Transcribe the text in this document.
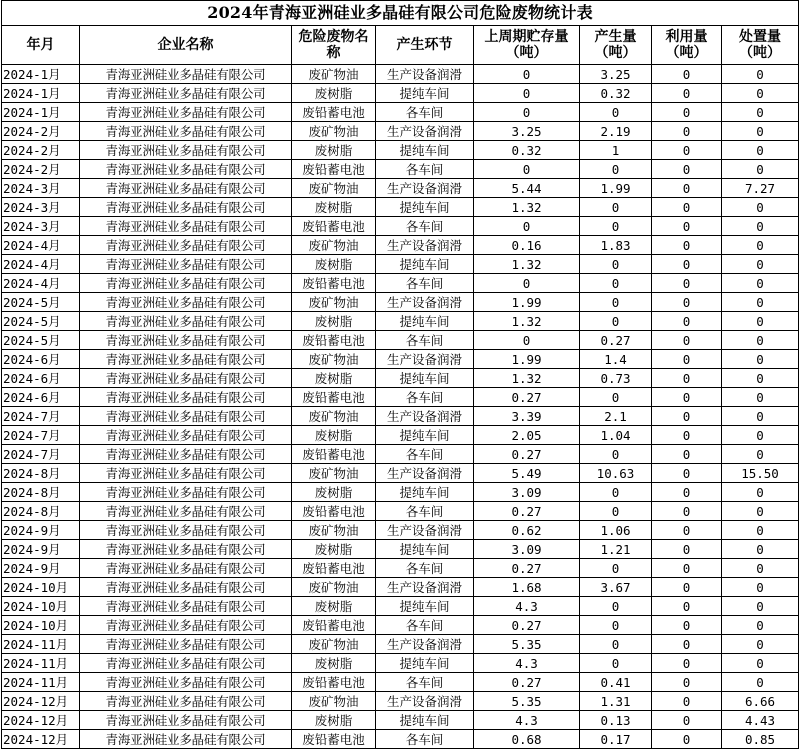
2024年青海亚洲硅业多晶硅有限公司危险废物统计表							
年月	企业名称	危险废物名称	产生环节	上周期贮存量（吨）	产生量（吨）	利用量（吨）	处置量（吨）
2024-1月	青海亚洲硅业多晶硅有限公司	废矿物油	生产设备润滑	0	3.25	0	0
2024-1月	青海亚洲硅业多晶硅有限公司	废树脂	提纯车间	0	0.32	0	0
2024-1月	青海亚洲硅业多晶硅有限公司	废铅蓄电池	各车间	0	0	0	0
2024-2月	青海亚洲硅业多晶硅有限公司	废矿物油	生产设备润滑	3.25	2.19	0	0
2024-2月	青海亚洲硅业多晶硅有限公司	废树脂	提纯车间	0.32	1	0	0
2024-2月	青海亚洲硅业多晶硅有限公司	废铅蓄电池	各车间	0	0	0	0
2024-3月	青海亚洲硅业多晶硅有限公司	废矿物油	生产设备润滑	5.44	1.99	0	7.27
2024-3月	青海亚洲硅业多晶硅有限公司	废树脂	提纯车间	1.32	0	0	0
2024-3月	青海亚洲硅业多晶硅有限公司	废铅蓄电池	各车间	0	0	0	0
2024-4月	青海亚洲硅业多晶硅有限公司	废矿物油	生产设备润滑	0.16	1.83	0	0
2024-4月	青海亚洲硅业多晶硅有限公司	废树脂	提纯车间	1.32	0	0	0
2024-4月	青海亚洲硅业多晶硅有限公司	废铅蓄电池	各车间	0	0	0	0
2024-5月	青海亚洲硅业多晶硅有限公司	废矿物油	生产设备润滑	1.99	0	0	0
2024-5月	青海亚洲硅业多晶硅有限公司	废树脂	提纯车间	1.32	0	0	0
2024-5月	青海亚洲硅业多晶硅有限公司	废铅蓄电池	各车间	0	0.27	0	0
2024-6月	青海亚洲硅业多晶硅有限公司	废矿物油	生产设备润滑	1.99	1.4	0	0
2024-6月	青海亚洲硅业多晶硅有限公司	废树脂	提纯车间	1.32	0.73	0	0
2024-6月	青海亚洲硅业多晶硅有限公司	废铅蓄电池	各车间	0.27	0	0	0
2024-7月	青海亚洲硅业多晶硅有限公司	废矿物油	生产设备润滑	3.39	2.1	0	0
2024-7月	青海亚洲硅业多晶硅有限公司	废树脂	提纯车间	2.05	1.04	0	0
2024-7月	青海亚洲硅业多晶硅有限公司	废铅蓄电池	各车间	0.27	0	0	0
2024-8月	青海亚洲硅业多晶硅有限公司	废矿物油	生产设备润滑	5.49	10.63	0	15.50
2024-8月	青海亚洲硅业多晶硅有限公司	废树脂	提纯车间	3.09	0	0	0
2024-8月	青海亚洲硅业多晶硅有限公司	废铅蓄电池	各车间	0.27	0	0	0
2024-9月	青海亚洲硅业多晶硅有限公司	废矿物油	生产设备润滑	0.62	1.06	0	0
2024-9月	青海亚洲硅业多晶硅有限公司	废树脂	提纯车间	3.09	1.21	0	0
2024-9月	青海亚洲硅业多晶硅有限公司	废铅蓄电池	各车间	0.27	0	0	0
2024-10月	青海亚洲硅业多晶硅有限公司	废矿物油	生产设备润滑	1.68	3.67	0	0
2024-10月	青海亚洲硅业多晶硅有限公司	废树脂	提纯车间	4.3	0	0	0
2024-10月	青海亚洲硅业多晶硅有限公司	废铅蓄电池	各车间	0.27	0	0	0
2024-11月	青海亚洲硅业多晶硅有限公司	废矿物油	生产设备润滑	5.35	0	0	0
2024-11月	青海亚洲硅业多晶硅有限公司	废树脂	提纯车间	4.3	0	0	0
2024-11月	青海亚洲硅业多晶硅有限公司	废铅蓄电池	各车间	0.27	0.41	0	0
2024-12月	青海亚洲硅业多晶硅有限公司	废矿物油	生产设备润滑	5.35	1.31	0	6.66
2024-12月	青海亚洲硅业多晶硅有限公司	废树脂	提纯车间	4.3	0.13	0	4.43
2024-12月	青海亚洲硅业多晶硅有限公司	废铅蓄电池	各车间	0.68	0.17	0	0.85
